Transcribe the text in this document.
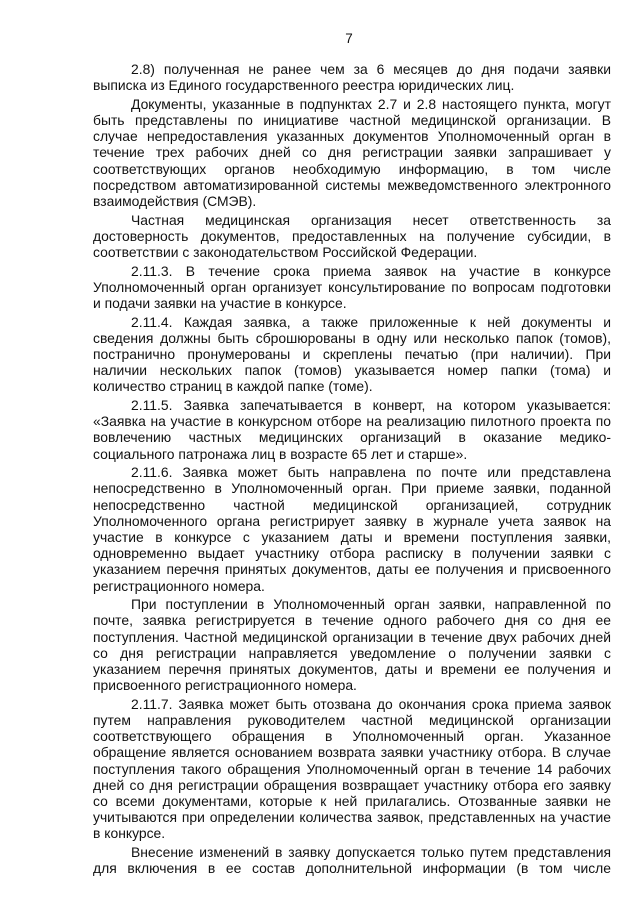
7
2.8) полученная не ранее чем за 6 месяцев до дня подачи заявки
выписка из Единого государственного реестра юридических лиц.
Документы, указанные в подпунктах 2.7 и 2.8 настоящего пункта, могут
быть представлены по инициативе частной медицинской организации. В
случае непредоставления указанных документов Уполномоченный орган в
течение трех рабочих дней со дня регистрации заявки запрашивает у
соответствующих органов необходимую информацию, в том числе
посредством автоматизированной системы межведомственного электронного
взаимодействия (СМЭВ).
Частная медицинская организация несет ответственность за
достоверность документов, предоставленных на получение субсидии, в
соответствии с законодательством Российской Федерации.
2.11.3. В течение срока приема заявок на участие в конкурсе
Уполномоченный орган организует консультирование по вопросам подготовки
и подачи заявки на участие в конкурсе.
2.11.4. Каждая заявка, а также приложенные к ней документы и
сведения должны быть сброшюрованы в одну или несколько папок (томов),
постранично пронумерованы и скреплены печатью (при наличии). При
наличии нескольких папок (томов) указывается номер папки (тома) и
количество страниц в каждой папке (томе).
2.11.5. Заявка запечатывается в конверт, на котором указывается:
«Заявка на участие в конкурсном отборе на реализацию пилотного проекта по
вовлечению частных медицинских организаций в оказание медико-
социального патронажа лиц в возрасте 65 лет и старше».
2.11.6. Заявка может быть направлена по почте или представлена
непосредственно в Уполномоченный орган. При приеме заявки, поданной
непосредственно частной медицинской организацией, сотрудник
Уполномоченного органа регистрирует заявку в журнале учета заявок на
участие в конкурсе с указанием даты и времени поступления заявки,
одновременно выдает участнику отбора расписку в получении заявки с
указанием перечня принятых документов, даты ее получения и присвоенного
регистрационного номера.
При поступлении в Уполномоченный орган заявки, направленной по
почте, заявка регистрируется в течение одного рабочего дня со дня ее
поступления. Частной медицинской организации в течение двух рабочих дней
со дня регистрации направляется уведомление о получении заявки с
указанием перечня принятых документов, даты и времени ее получения и
присвоенного регистрационного номера.
2.11.7. Заявка может быть отозвана до окончания срока приема заявок
путем направления руководителем частной медицинской организации
соответствующего обращения в Уполномоченный орган. Указанное
обращение является основанием возврата заявки участнику отбора. В случае
поступления такого обращения Уполномоченный орган в течение 14 рабочих
дней со дня регистрации обращения возвращает участнику отбора его заявку
со всеми документами, которые к ней прилагались. Отозванные заявки не
учитываются при определении количества заявок, представленных на участие
в конкурсе.
Внесение изменений в заявку допускается только путем представления
для включения в ее состав дополнительной информации (в том числе
